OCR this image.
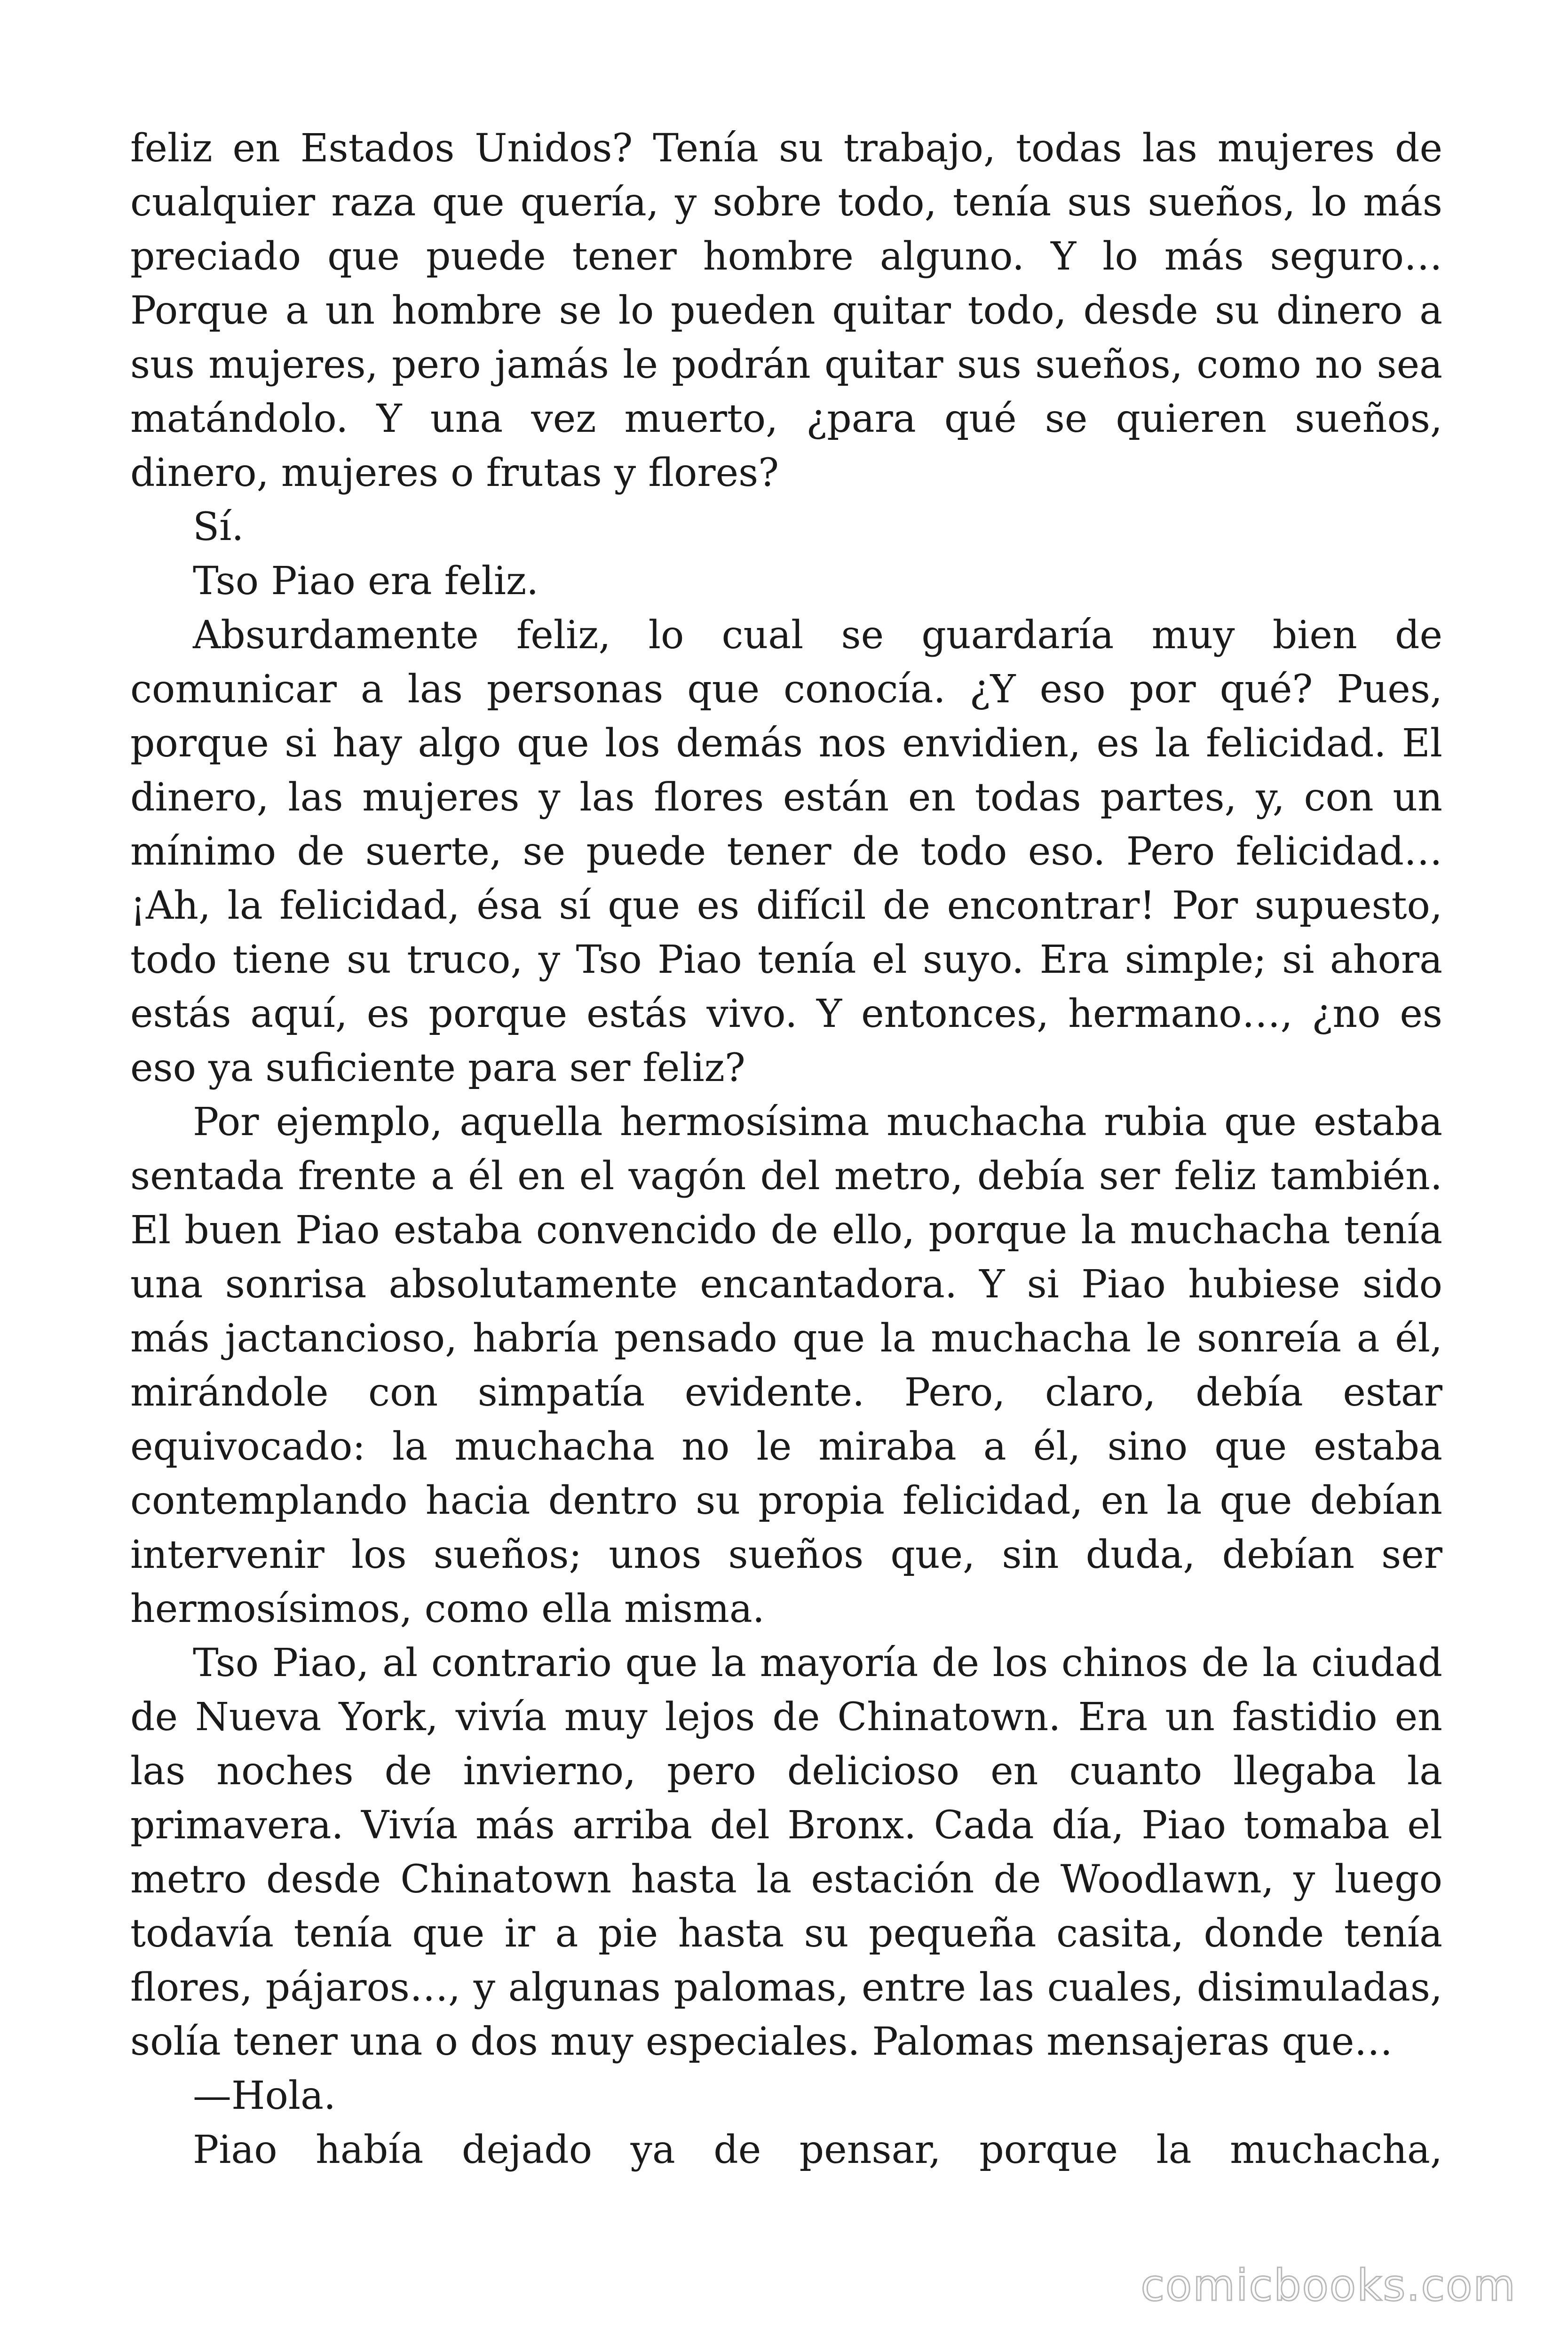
feliz en Estados Unidos? Tenía su trabajo, todas las mujeres de cualquier raza que quería, y sobre todo, tenía sus sueños, lo más preciado que puede tener hombre alguno. Y lo más seguro… Porque a un hombre se lo pueden quitar todo, desde su dinero a sus mujeres, pero jamás le podrán quitar sus sueños, como no sea matándolo. Y una vez muerto, ¿para qué se quieren sueños, dinero, mujeres o frutas y flores?

Sí.

Tso Piao era feliz.

Absurdamente feliz, lo cual se guardaría muy bien de comunicar a las personas que conocía. ¿Y eso por qué? Pues, porque si hay algo que los demás nos envidien, es la felicidad. El dinero, las mujeres y las flores están en todas partes, y, con un mínimo de suerte, se puede tener de todo eso. Pero felicidad… ¡Ah, la felicidad, ésa sí que es difícil de encontrar! Por supuesto, todo tiene su truco, y Tso Piao tenía el suyo. Era simple; si ahora estás aquí, es porque estás vivo. Y entonces, hermano…, ¿no es eso ya suficiente para ser feliz?

Por ejemplo, aquella hermosísima muchacha rubia que estaba sentada frente a él en el vagón del metro, debía ser feliz también. El buen Piao estaba convencido de ello, porque la muchacha tenía una sonrisa absolutamente encantadora. Y si Piao hubiese sido más jactancioso, habría pensado que la muchacha le sonreía a él, mirándole con simpatía evidente. Pero, claro, debía estar equivocado: la muchacha no le miraba a él, sino que estaba contemplando hacia dentro su propia felicidad, en la que debían intervenir los sueños; unos sueños que, sin duda, debían ser hermosísimos, como ella misma.

Tso Piao, al contrario que la mayoría de los chinos de la ciudad de Nueva York, vivía muy lejos de Chinatown. Era un fastidio en las noches de invierno, pero delicioso en cuanto llegaba la primavera. Vivía más arriba del Bronx. Cada día, Piao tomaba el metro desde Chinatown hasta la estación de Woodlawn, y luego todavía tenía que ir a pie hasta su pequeña casita, donde tenía flores, pájaros…, y algunas palomas, entre las cuales, disimuladas, solía tener una o dos muy especiales. Palomas mensajeras que…

—Hola.

Piao había dejado ya de pensar, porque la muchacha,

comicbooks.com
